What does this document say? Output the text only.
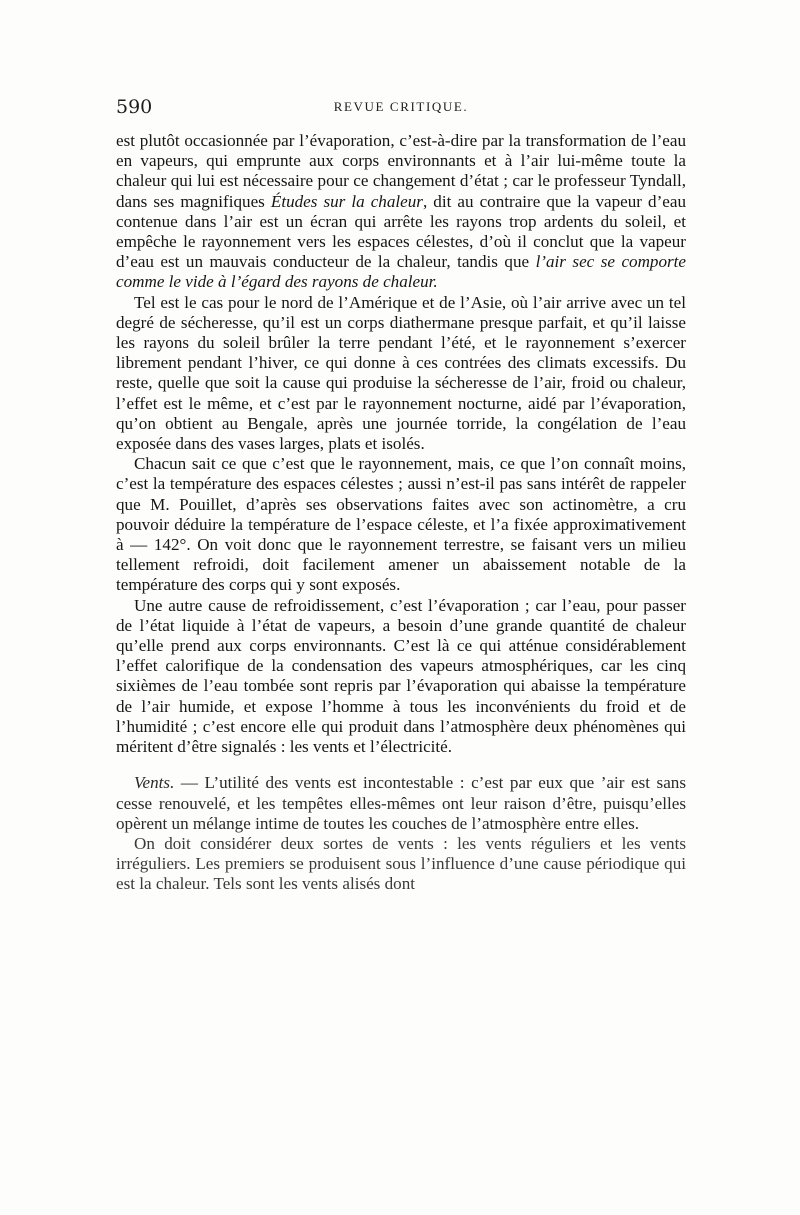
590	REVUE CRITIQUE.

est plutôt occasionnée par l’évaporation, c’est-à-dire par la transformation de l’eau en vapeurs, qui emprunte aux corps environnants et à l’air lui-même toute la chaleur qui lui est nécessaire pour ce changement d’état ; car le professeur Tyndall, dans ses magnifiques Études sur la chaleur, dit au contraire que la vapeur d’eau contenue dans l’air est un écran qui arrête les rayons trop ardents du soleil, et empêche le rayonnement vers les espaces célestes, d’où il conclut que la vapeur d’eau est un mauvais conducteur de la chaleur, tandis que l’air sec se comporte comme le vide à l’égard des rayons de chaleur.

Tel est le cas pour le nord de l’Amérique et de l’Asie, où l’air arrive avec un tel degré de sécheresse, qu’il est un corps diathermane presque parfait, et qu’il laisse les rayons du soleil brûler la terre pendant l’été, et le rayonnement s’exercer librement pendant l’hiver, ce qui donne à ces contrées des climats excessifs. Du reste, quelle que soit la cause qui produise la sécheresse de l’air, froid ou chaleur, l’effet est le même, et c’est par le rayonnement nocturne, aidé par l’évaporation, qu’on obtient au Bengale, après une journée torride, la congélation de l’eau exposée dans des vases larges, plats et isolés.

Chacun sait ce que c’est que le rayonnement, mais, ce que l’on connaît moins, c’est la température des espaces célestes ; aussi n’est-il pas sans intérêt de rappeler que M. Pouillet, d’après ses observations faites avec son actinomètre, a cru pouvoir déduire la température de l’espace céleste, et l’a fixée approximativement à — 142°. On voit donc que le rayonnement terrestre, se faisant vers un milieu tellement refroidi, doit facilement amener un abaissement notable de la température des corps qui y sont exposés.

Une autre cause de refroidissement, c’est l’évaporation ; car l’eau, pour passer de l’état liquide à l’état de vapeurs, a besoin d’une grande quantité de chaleur qu’elle prend aux corps environnants. C’est là ce qui atténue considérablement l’effet calorifique de la condensation des vapeurs atmosphériques, car les cinq sixièmes de l’eau tombée sont repris par l’évaporation qui abaisse la température de l’air humide, et expose l’homme à tous les inconvénients du froid et de l’humidité ; c’est encore elle qui produit dans l’atmosphère deux phénomènes qui méritent d’être signalés : les vents et l’électricité.

Vents. — L’utilité des vents est incontestable : c’est par eux que ’air est sans cesse renouvelé, et les tempêtes elles-mêmes ont leur raison d’être, puisqu’elles opèrent un mélange intime de toutes les couches de l’atmosphère entre elles.

On doit considérer deux sortes de vents : les vents réguliers et les vents irréguliers. Les premiers se produisent sous l’influence d’une cause périodique qui est la chaleur. Tels sont les vents alisés dont
